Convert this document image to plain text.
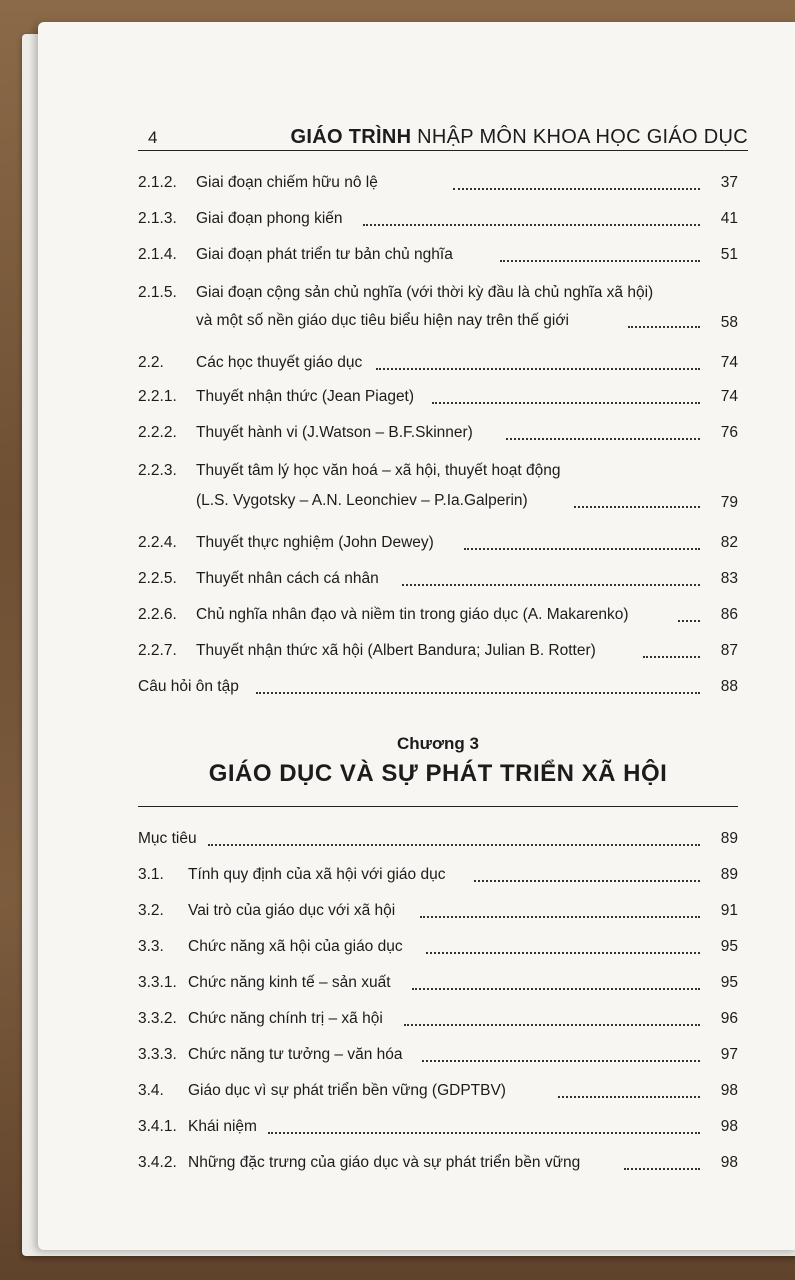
4	GIÁO TRÌNH NHẬP MÔN KHOA HỌC GIÁO DỤC
2.1.2. Giai đoạn chiếm hữu nô lệ	37
2.1.3. Giai đoạn phong kiến	41
2.1.4. Giai đoạn phát triển tư bản chủ nghĩa	51
2.1.5. Giai đoạn cộng sản chủ nghĩa (với thời kỳ đầu là chủ nghĩa xã hội)
và một số nền giáo dục tiêu biểu hiện nay trên thế giới	58
2.2. Các học thuyết giáo dục	74
2.2.1. Thuyết nhận thức (Jean Piaget)	74
2.2.2. Thuyết hành vi (J.Watson – B.F.Skinner)	76
2.2.3. Thuyết tâm lý học văn hoá – xã hội, thuyết hoạt động
(L.S. Vygotsky – A.N. Leonchiev – P.Ia.Galperin)	79
2.2.4. Thuyết thực nghiệm (John Dewey)	82
2.2.5. Thuyết nhân cách cá nhân	83
2.2.6. Chủ nghĩa nhân đạo và niềm tin trong giáo dục (A. Makarenko)	86
2.2.7. Thuyết nhận thức xã hội (Albert Bandura; Julian B. Rotter)	87
Câu hỏi ôn tập	88
Chương 3
GIÁO DỤC VÀ SỰ PHÁT TRIỂN XÃ HỘI
Mục tiêu	89
3.1. Tính quy định của xã hội với giáo dục	89
3.2. Vai trò của giáo dục với xã hội	91
3.3. Chức năng xã hội của giáo dục	95
3.3.1. Chức năng kinh tế – sản xuất	95
3.3.2. Chức năng chính trị – xã hội	96
3.3.3. Chức năng tư tưởng – văn hóa	97
3.4. Giáo dục vì sự phát triển bền vững (GDPTBV)	98
3.4.1. Khái niệm	98
3.4.2. Những đặc trưng của giáo dục và sự phát triển bền vững	98
